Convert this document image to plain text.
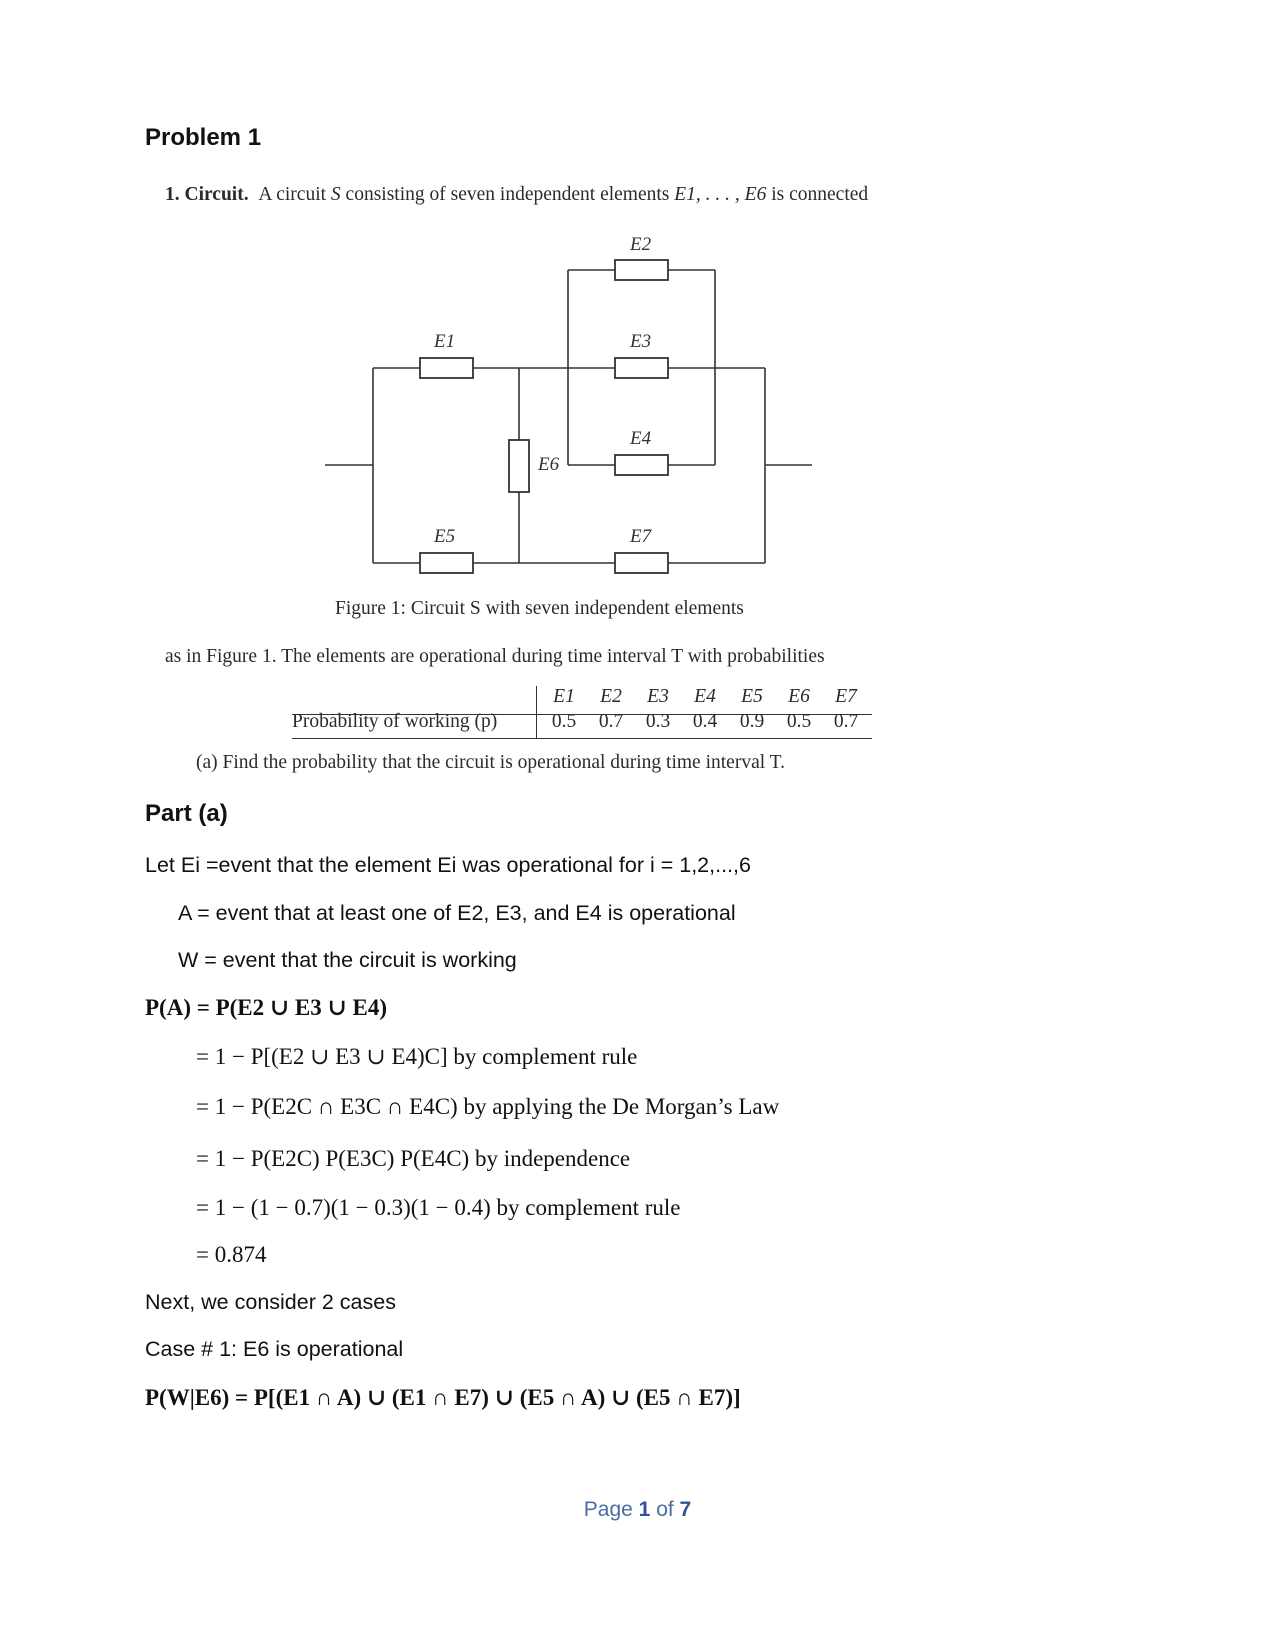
Problem 1
1. Circuit. A circuit S consisting of seven independent elements E1, . . . , E6 is connected
E1
E2
E3
E4
E5
E6
E7
Figure 1: Circuit S with seven independent elements
as in Figure 1. The elements are operational during time interval T with probabilities
Probability of working (p)
E1
0.5
E2
0.7
E3
0.3
E4
0.4
E5
0.9
E6
0.5
E7
0.7
(a) Find the probability that the circuit is operational during time interval T.
Part (a)
Let Ei =event that the element Ei was operational for i = 1,2,...,6
A = event that at least one of E2, E3, and E4 is operational
W = event that the circuit is working
P(A) = P(E2 ∪ E3 ∪ E4)
= 1 − P[(E2 ∪ E3 ∪ E4)C] by complement rule
= 1 − P(E2C ∩ E3C ∩ E4C) by applying the De Morgan’s Law
= 1 − P(E2C) P(E3C) P(E4C) by independence
= 1 − (1 − 0.7)(1 − 0.3)(1 − 0.4) by complement rule
= 0.874
Next, we consider 2 cases
Case # 1: E6 is operational
P(W|E6) = P[(E1 ∩ A) ∪ (E1 ∩ E7) ∪ (E5 ∩ A) ∪ (E5 ∩ E7)]
Page 1 of 7
